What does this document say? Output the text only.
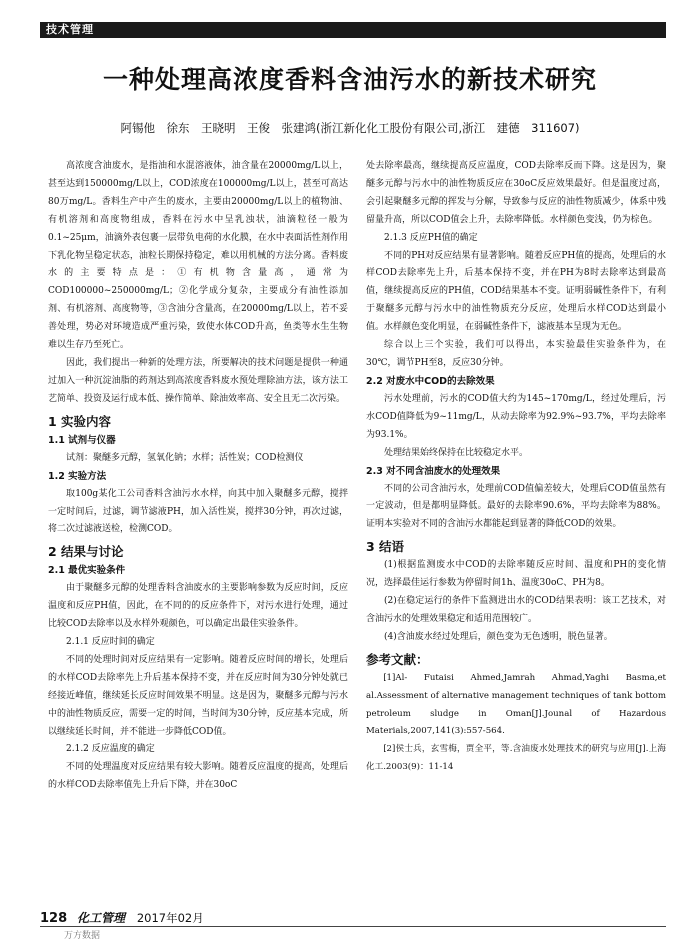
技术管理
一种处理高浓度香料含油污水的新技术研究
阿锡他　徐东　王晓明　王俊　张建鸿(浙江新化化工股份有限公司,浙江　建德　311607)

高浓度含油废水，是指油和水混溶液体，油含量在20000mg/L以上，甚至达到150000mg/L以上，COD浓度在100000mg/L以上，甚至可高达80万mg/L。香料生产中产生的废水，主要由20000mg/L以上的植物油、有机溶剂和高度物组成，香料在污水中呈乳浊状，油滴粒径一般为0.1~25μm，油滴外表包裹一层带负电荷的水化膜，在水中表面活性剂作用下乳化物呈稳定状态，油粒长期保持稳定，难以用机械的方法分离。香料废水的主要特点是：①有机物含量高，通常为COD100000~250000mg/L；②化学成分复杂，主要成分有油性添加剂、有机溶剂、高度物等，③含油分含量高，在20000mg/L以上，若不妥善处理，势必对环境造成严重污染，致使水体COD升高，鱼类等水生生物难以生存乃至死亡。

因此，我们提出一种新的处理方法，所要解决的技术问题是提供一种通过加入一种沉淀油脂的药剂达到高浓度香料废水预处理除油方法，该方法工艺简单、投资及运行成本低、操作简单、除油效率高、安全且无二次污染。

1 实验内容
1.1 试剂与仪器

试剂：聚醚多元醇，氢氧化钠；水样；活性炭；COD检测仪

1.2 实验方法

取100g某化工公司香料含油污水水样，向其中加入聚醚多元醇，搅拌一定时间后，过滤，调节滤液PH，加入活性炭，搅拌30分钟，再次过滤，将二次过滤液送检，检测COD。

2 结果与讨论
2.1 最优实验条件

由于聚醚多元醇的处理香料含油废水的主要影响参数为反应时间，反应温度和反应PH值，因此，在不同的的反应条件下，对污水进行处理，通过比较COD去除率以及水样外观颜色，可以确定出最佳实验条件。

2.1.1 反应时间的确定

不同的处理时间对反应结果有一定影响。随着反应时间的增长，处理后的水样COD去除率先上升后基本保持不变，并在反应时间为30分钟处就已经接近峰值，继续延长反应时间效果不明显。这是因为，聚醚多元醇与污水中的油性物质反应，需要一定的时间，当时间为30分钟，反应基本完成，所以继续延长时间，并不能进一步降低COD值。

2.1.2 反应温度的确定

不同的处理温度对反应结果有较大影响。随着反应温度的提高，处理后的水样COD去除率值先上升后下降，并在30oC

处去除率最高，继续提高反应温度，COD去除率反而下降。这是因为，聚醚多元醇与污水中的油性物质反应在30oC反应效果最好。但是温度过高，会引起聚醚多元醇的挥发与分解，导致参与反应的油性物质减少，体系中残留量升高，所以COD值会上升，去除率降低。水样颜色变浅，仍为棕色。

2.1.3 反应PH值的确定

不同的PH对反应结果有显著影响。随着反应PH值的提高，处理后的水样COD去除率先上升，后基本保持不变，并在PH为8时去除率达到最高值，继续提高反应的PH值，COD结果基本不变。证明弱碱性条件下，有利于聚醚多元醇与污水中的油性物质充分反应，处理后水样COD达到最小值。水样颜色变化明显，在弱碱性条件下，滤液基本呈现为无色。

综合以上三个实验，我们可以得出，本实验最佳实验条件为，在30℃，调节PH至8，反应30分钟。

2.2 对废水中COD的去除效果

污水处理前，污水的COD值大约为145~170mg/L，经过处理后，污水COD值降低为9~11mg/L，从动去除率为92.9%~93.7%，平均去除率为93.1%。

处理结果始终保持在比较稳定水平。

2.3 对不同含油废水的处理效果

不同的公司含油污水，处理前COD值偏差较大，处理后COD值虽然有一定波动，但是都明显降低。最好的去除率90.6%，平均去除率为88%。证明本实验对不同的含油污水都能起到显著的降低COD的效果。

3 结语

(1)根据监测废水中COD的去除率随反应时间、温度和PH的变化情况，选择最佳运行参数为停留时间1h、温度30oC、PH为8。

(2)在稳定运行的条件下监测进出水的COD结果表明：该工艺技术，对含油污水的处理效果稳定和适用范围较广。

(4)含油废水经过处理后，颜色变为无色透明，脱色显著。

参考文献：

[1]Al- Futaisi Ahmed,Jamrah Ahmad,Yaghi Basma,et al.Assessment of alternative management techniques of tank bottom petroleum sludge in Oman[J].Jounal of Hazardous Materials,2007,141(3):557-564.

[2]侯士兵，玄雪梅，贾全平，等.含油废水处理技术的研究与应用[J].上海化工.2003(9)：11-14

128 化工管理 2017年02月
万方数据
